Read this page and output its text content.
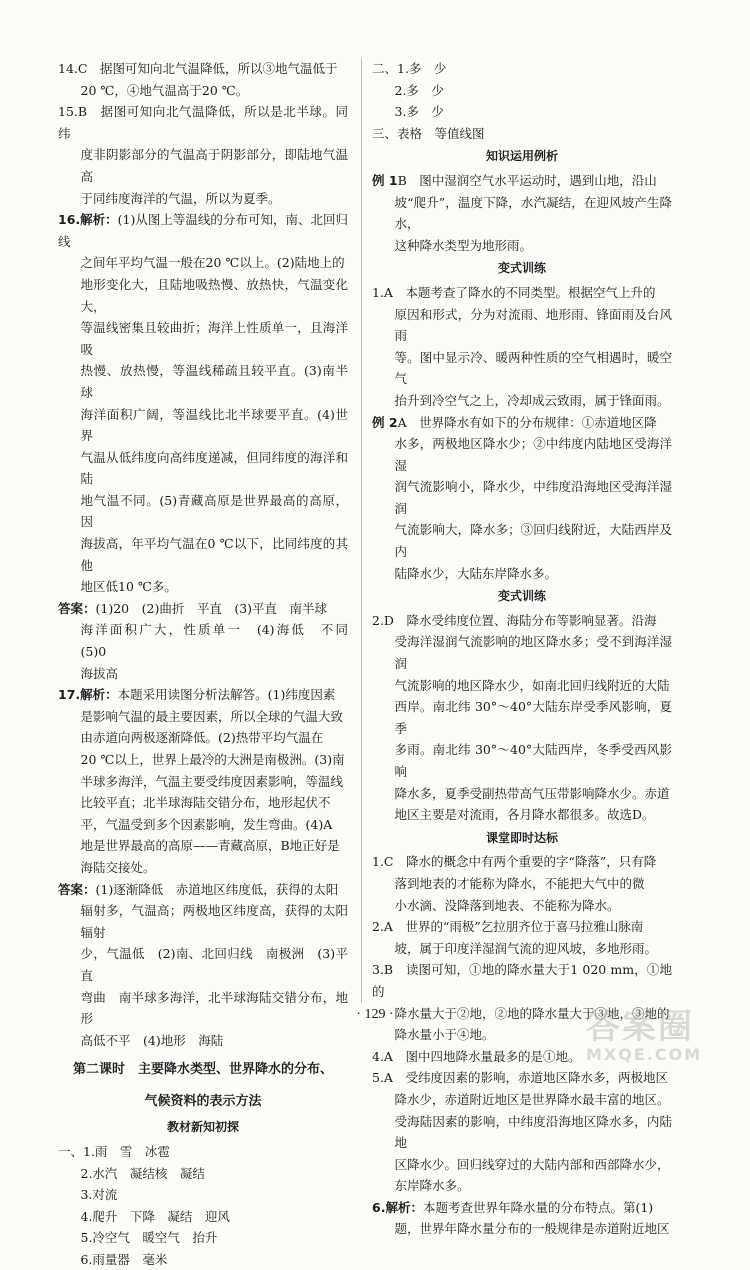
14.C　据图可知向北气温降低，所以③地气温低于

20 ℃，④地气温高于20 ℃。

15.B　据图可知向北气温降低，所以是北半球。同纬

度非阴影部分的气温高于阴影部分，即陆地气温高

于同纬度海洋的气温，所以为夏季。

16.解析：(1)从图上等温线的分布可知，南、北回归线

之间年平均气温一般在20 ℃以上。(2)陆地上的

地形变化大，且陆地吸热慢、放热快，气温变化大，

等温线密集且较曲折；海洋上性质单一，且海洋吸

热慢、放热慢，等温线稀疏且较平直。(3)南半球

海洋面积广阔，等温线比北半球要平直。(4)世界

气温从低纬度向高纬度递减，但同纬度的海洋和陆

地气温不同。(5)青藏高原是世界最高的高原，因

海拔高，年平均气温在0 ℃以下，比同纬度的其他

地区低10 ℃多。

答案：(1)20　(2)曲折　平直　(3)平直　南半球

海洋面积广大，性质单一　(4)海低　不同　(5)0

海拔高

17.解析：本题采用读图分析法解答。(1)纬度因素

是影响气温的最主要因素，所以全球的气温大致

由赤道向两极逐渐降低。(2)热带平均气温在

20 ℃以上，世界上最冷的大洲是南极洲。(3)南

半球多海洋，气温主要受纬度因素影响，等温线

比较平直；北半球海陆交错分布，地形起伏不

平，气温受到多个因素影响，发生弯曲。(4)A

地是世界最高的高原——青藏高原，B地正好是

海陆交接处。

答案：(1)逐渐降低　赤道地区纬度低，获得的太阳

辐射多，气温高；两极地区纬度高，获得的太阳辐射

少，气温低　(2)南、北回归线　南极洲　(3)平直

弯曲　南半球多海洋，北半球海陆交错分布，地形

高低不平　(4)地形　海陆

第二课时　主要降水类型、世界降水的分布、
气候资料的表示方法
教材新知初探

一、1.雨　雪　冰雹

2.水汽　凝结核　凝结

3.对流

4.爬升　下降　凝结　迎风

5.冷空气　暖空气　抬升

6.雨量器　毫米

二、1.多　少

2.多　少

3.多　少

三、表格　等值线图

知识运用例析

例 1B　图中湿润空气水平运动时，遇到山地，沿山

坡“爬升”，温度下降，水汽凝结，在迎风坡产生降水，

这种降水类型为地形雨。

变式训练

1.A　本题考查了降水的不同类型。根据空气上升的

原因和形式，分为对流雨、地形雨、锋面雨及台风雨

等。图中显示冷、暖两种性质的空气相遇时，暖空气

抬升到冷空气之上，冷却成云致雨，属于锋面雨。

例 2A　世界降水有如下的分布规律：①赤道地区降

水多，两极地区降水少；②中纬度内陆地区受海洋湿

润气流影响小，降水少，中纬度沿海地区受海洋湿润

气流影响大，降水多；③回归线附近，大陆西岸及内

陆降水少，大陆东岸降水多。

变式训练

2.D　降水受纬度位置、海陆分布等影响显著。沿海

受海洋湿润气流影响的地区降水多；受不到海洋湿润

气流影响的地区降水少，如南北回归线附近的大陆

西岸。南北纬 30°～40°大陆东岸受季风影响，夏季

多雨。南北纬 30°～40°大陆西岸，冬季受西风影响

降水多，夏季受副热带高气压带影响降水少。赤道

地区主要是对流雨，各月降水都很多。故选D。

课堂即时达标

1.C　降水的概念中有两个重要的字“降落”，只有降

落到地表的才能称为降水，不能把大气中的微

小水滴、没降落到地表、不能称为降水。

2.A　世界的“雨极”乞拉朋齐位于喜马拉雅山脉南

坡，属于印度洋湿润气流的迎风坡，多地形雨。

3.B　读图可知，①地的降水量大于1 020 mm，①地的

降水量大于②地，②地的降水量大于③地，③地的

降水量小于④地。

4.A　图中四地降水量最多的是①地。

5.A　受纬度因素的影响，赤道地区降水多，两极地区

降水少，赤道附近地区是世界降水最丰富的地区。

受海陆因素的影响，中纬度沿海地区降水多，内陆地

区降水少。回归线穿过的大陆内部和西部降水少，

东岸降水多。

6.解析：本题考查世界年降水量的分布特点。第(1)

题，世界年降水量分布的一般规律是赤道附近地区

· 129 ·	答案圈
MXQE.COM
